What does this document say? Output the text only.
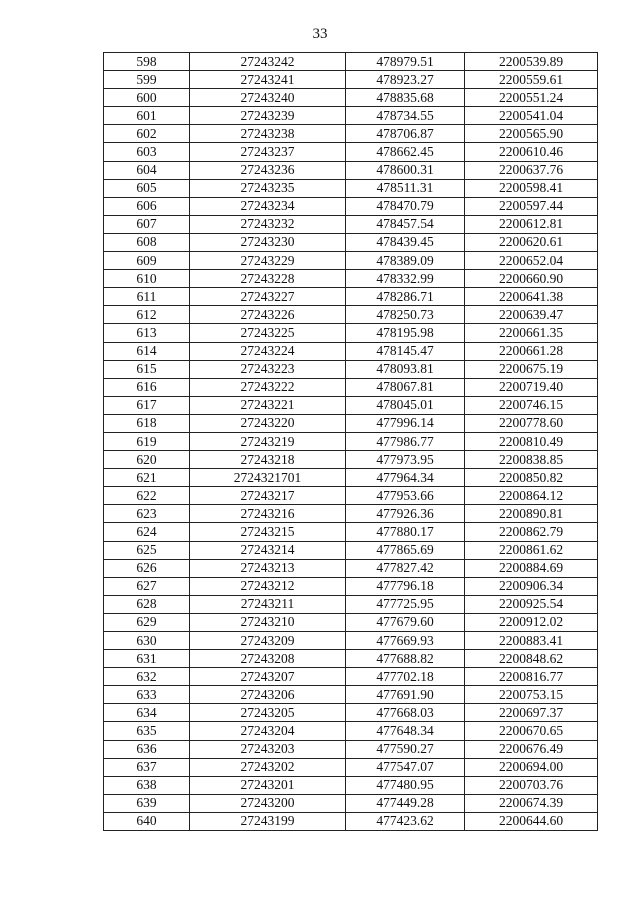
33
598	27243242	478979.51	2200539.89
599	27243241	478923.27	2200559.61
600	27243240	478835.68	2200551.24
601	27243239	478734.55	2200541.04
602	27243238	478706.87	2200565.90
603	27243237	478662.45	2200610.46
604	27243236	478600.31	2200637.76
605	27243235	478511.31	2200598.41
606	27243234	478470.79	2200597.44
607	27243232	478457.54	2200612.81
608	27243230	478439.45	2200620.61
609	27243229	478389.09	2200652.04
610	27243228	478332.99	2200660.90
611	27243227	478286.71	2200641.38
612	27243226	478250.73	2200639.47
613	27243225	478195.98	2200661.35
614	27243224	478145.47	2200661.28
615	27243223	478093.81	2200675.19
616	27243222	478067.81	2200719.40
617	27243221	478045.01	2200746.15
618	27243220	477996.14	2200778.60
619	27243219	477986.77	2200810.49
620	27243218	477973.95	2200838.85
621	2724321701	477964.34	2200850.82
622	27243217	477953.66	2200864.12
623	27243216	477926.36	2200890.81
624	27243215	477880.17	2200862.79
625	27243214	477865.69	2200861.62
626	27243213	477827.42	2200884.69
627	27243212	477796.18	2200906.34
628	27243211	477725.95	2200925.54
629	27243210	477679.60	2200912.02
630	27243209	477669.93	2200883.41
631	27243208	477688.82	2200848.62
632	27243207	477702.18	2200816.77
633	27243206	477691.90	2200753.15
634	27243205	477668.03	2200697.37
635	27243204	477648.34	2200670.65
636	27243203	477590.27	2200676.49
637	27243202	477547.07	2200694.00
638	27243201	477480.95	2200703.76
639	27243200	477449.28	2200674.39
640	27243199	477423.62	2200644.60
